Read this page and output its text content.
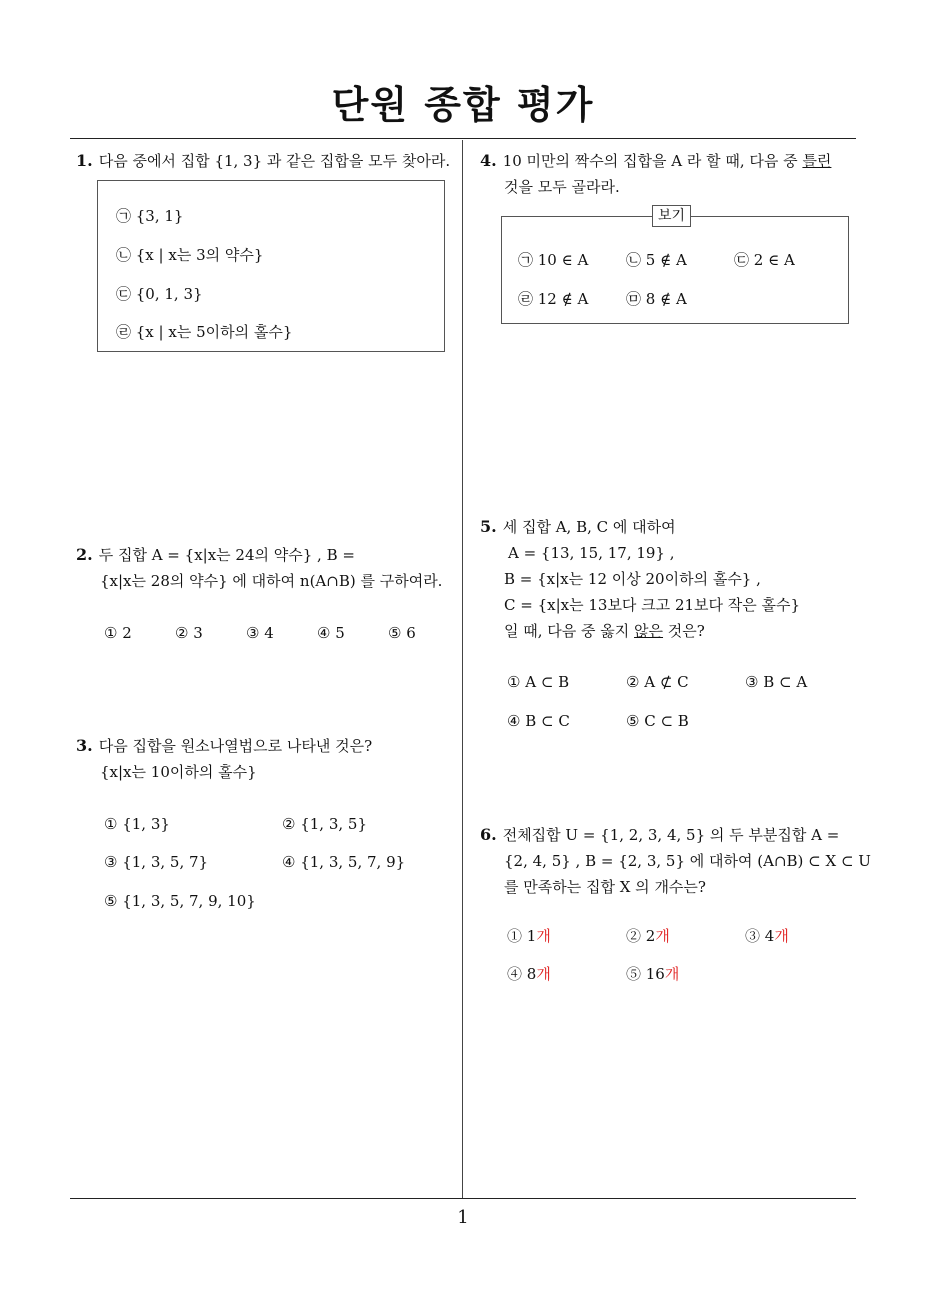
단원 종합 평가
1
1. 다음 중에서 집합 {1, 3} 과 같은 집합을 모두 찾아라.
㉠ {3, 1}
㉡ {x | x는 3의 약수}
㉢ {0, 1, 3}
㉣ {x | x는 5이하의 홀수}
2. 두 집합 A = {x|x는 24의 약수} , B =
{x|x는 28의 약수} 에 대하여 n(A∩B) 를 구하여라.
① 2	② 3	③ 4	④ 5	⑤ 6
3. 다음 집합을 원소나열법으로 나타낸 것은?
{x|x는 10이하의 홀수}
① {1, 3}	② {1, 3, 5}
③ {1, 3, 5, 7}	④ {1, 3, 5, 7, 9}
⑤ {1, 3, 5, 7, 9, 10}
4. 10 미만의 짝수의 집합을 A 라 할 때, 다음 중 틀린
것을 모두 골라라.
보기
㉠ 10 ∈ A	㉡ 5 ∉ A	㉢ 2 ∈ A
㉣ 12 ∉ A	㉤ 8 ∉ A
5. 세 집합 A, B, C 에 대하여
A = {13, 15, 17, 19} ,
B = {x|x는 12 이상 20이하의 홀수} ,
C = {x|x는 13보다 크고 21보다 작은 홀수}
일 때, 다음 중 옳지 않은 것은?
① A ⊂ B	② A ⊄ C	③ B ⊂ A
④ B ⊂ C	⑤ C ⊂ B
6. 전체집합 U = {1, 2, 3, 4, 5} 의 두 부분집합 A =
{2, 4, 5} , B = {2, 3, 5} 에 대하여 (A∩B) ⊂ X ⊂ U
를 만족하는 집합 X 의 개수는?
① 1개	② 2개	③ 4개
④ 8개	⑤ 16개
